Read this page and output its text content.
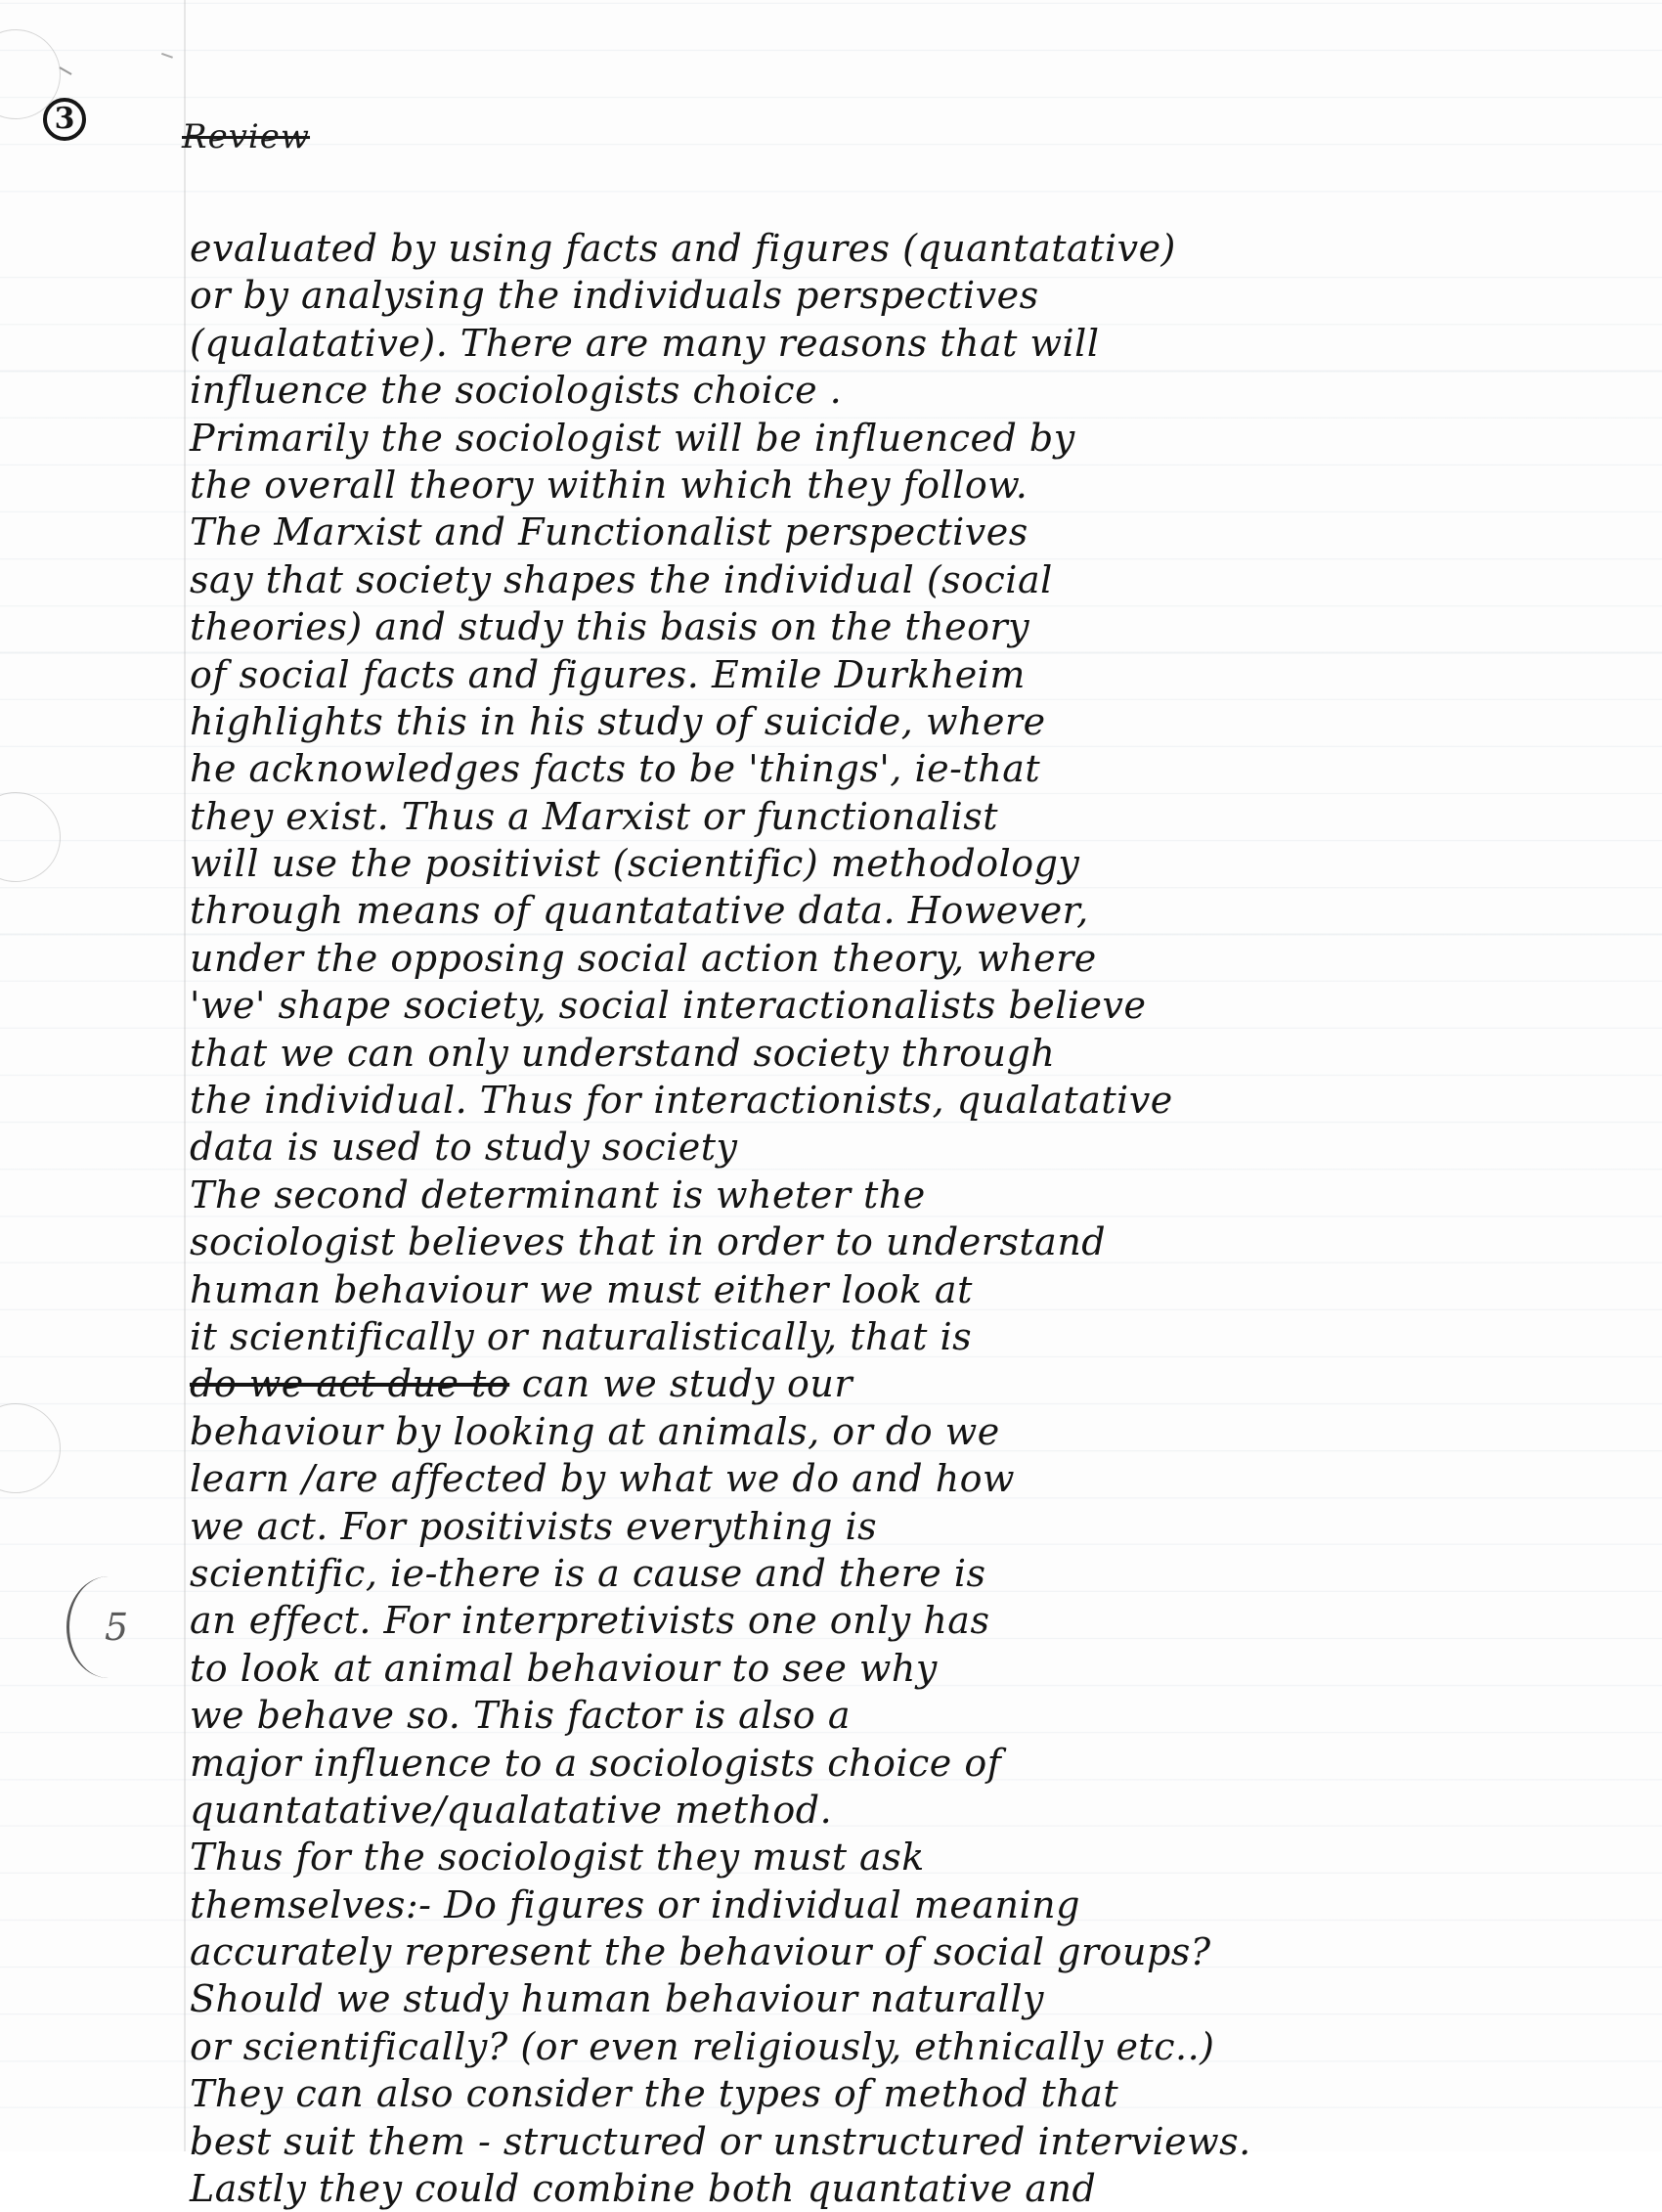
3	Review
5
evaluated by using facts and figures (quantatative)
or by analysing the individuals perspectives
(qualatative). There are many reasons that will
influence the sociologists choice .
Primarily the sociologist will be influenced by
the overall theory within which they follow.
The Marxist and Functionalist perspectives
say that society shapes the individual (social
theories) and study this basis on the theory
of social facts and figures. Emile Durkheim
highlights this in his study of suicide, where
he acknowledges facts to be 'things', ie-that
they exist. Thus a Marxist or functionalist
will use the positivist (scientific) methodology
through means of quantatative data. However,
under the opposing social action theory, where
'we' shape society, social interactionalists believe
that we can only understand society through
the individual. Thus for interactionists, qualatative
data is used to study society
The second determinant is wheter the
sociologist believes that in order to understand
human behaviour we must either look at
it scientifically or naturalistically, that is
do we act due to can we study our
behaviour by looking at animals, or do we
learn /are affected by what we do and how
we act. For positivists everything is
scientific, ie-there is a cause and there is
an effect. For interpretivists one only has
to look at animal behaviour to see why
we behave so. This factor is also a
major influence to a sociologists choice of
quantatative/qualatative method.
Thus for the sociologist they must ask
themselves:- Do figures or individual meaning
accurately represent the behaviour of social groups?
Should we study human behaviour naturally
or scientifically? (or even religiously, ethnically etc..)
They can also consider the types of method that
best suit them - structured or unstructured interviews.
Lastly they could combine both quantative and
